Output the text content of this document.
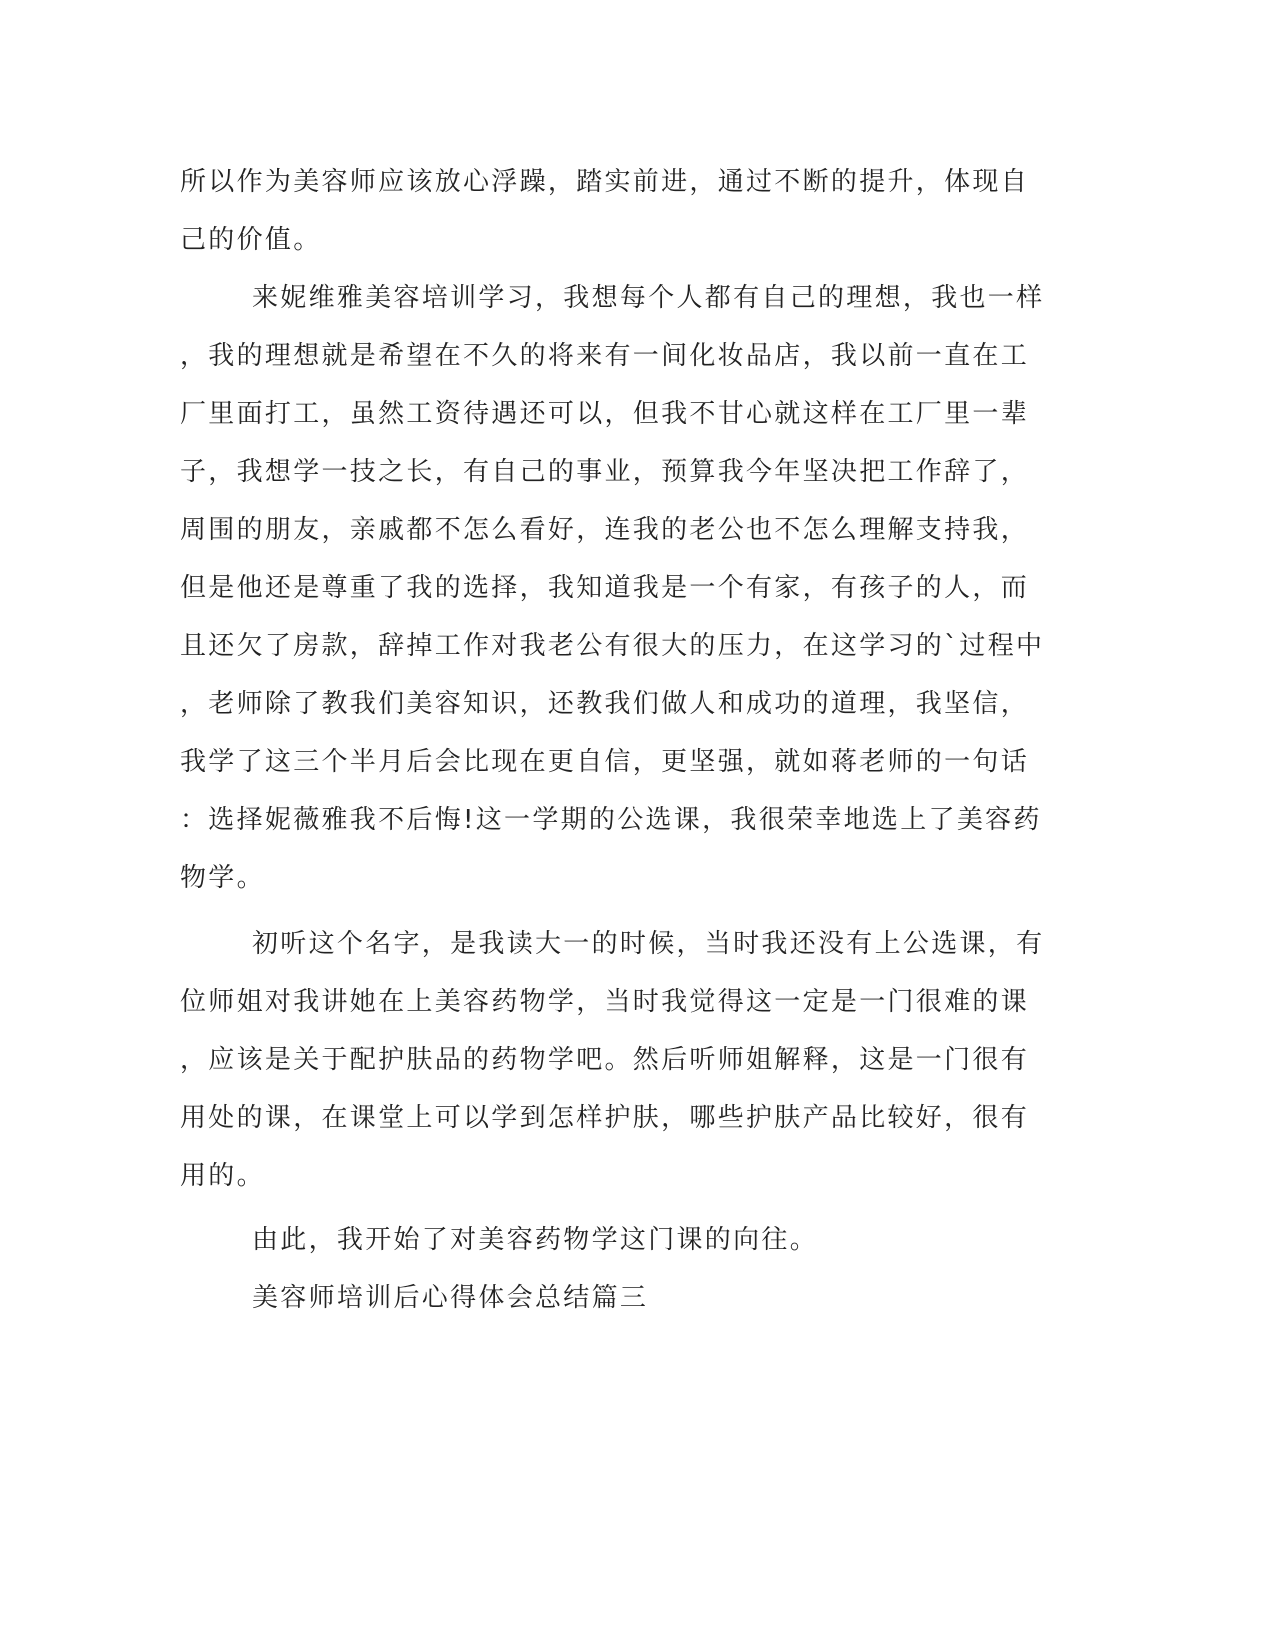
所以作为美容师应该放心浮躁，踏实前进，通过不断的提升，体现自
己的价值。
来妮维雅美容培训学习，我想每个人都有自己的理想，我也一样
，我的理想就是希望在不久的将来有一间化妆品店，我以前一直在工
厂里面打工，虽然工资待遇还可以，但我不甘心就这样在工厂里一辈
子，我想学一技之长，有自己的事业，预算我今年坚决把工作辞了，
周围的朋友，亲戚都不怎么看好，连我的老公也不怎么理解支持我，
但是他还是尊重了我的选择，我知道我是一个有家，有孩子的人，而
且还欠了房款，辞掉工作对我老公有很大的压力，在这学习的`过程中
，老师除了教我们美容知识，还教我们做人和成功的道理，我坚信，
我学了这三个半月后会比现在更自信，更坚强，就如蒋老师的一句话
：选择妮薇雅我不后悔!这一学期的公选课，我很荣幸地选上了美容药
物学。
初听这个名字，是我读大一的时候，当时我还没有上公选课，有
位师姐对我讲她在上美容药物学，当时我觉得这一定是一门很难的课
，应该是关于配护肤品的药物学吧。然后听师姐解释，这是一门很有
用处的课，在课堂上可以学到怎样护肤，哪些护肤产品比较好，很有
用的。
由此，我开始了对美容药物学这门课的向往。
美容师培训后心得体会总结篇三
